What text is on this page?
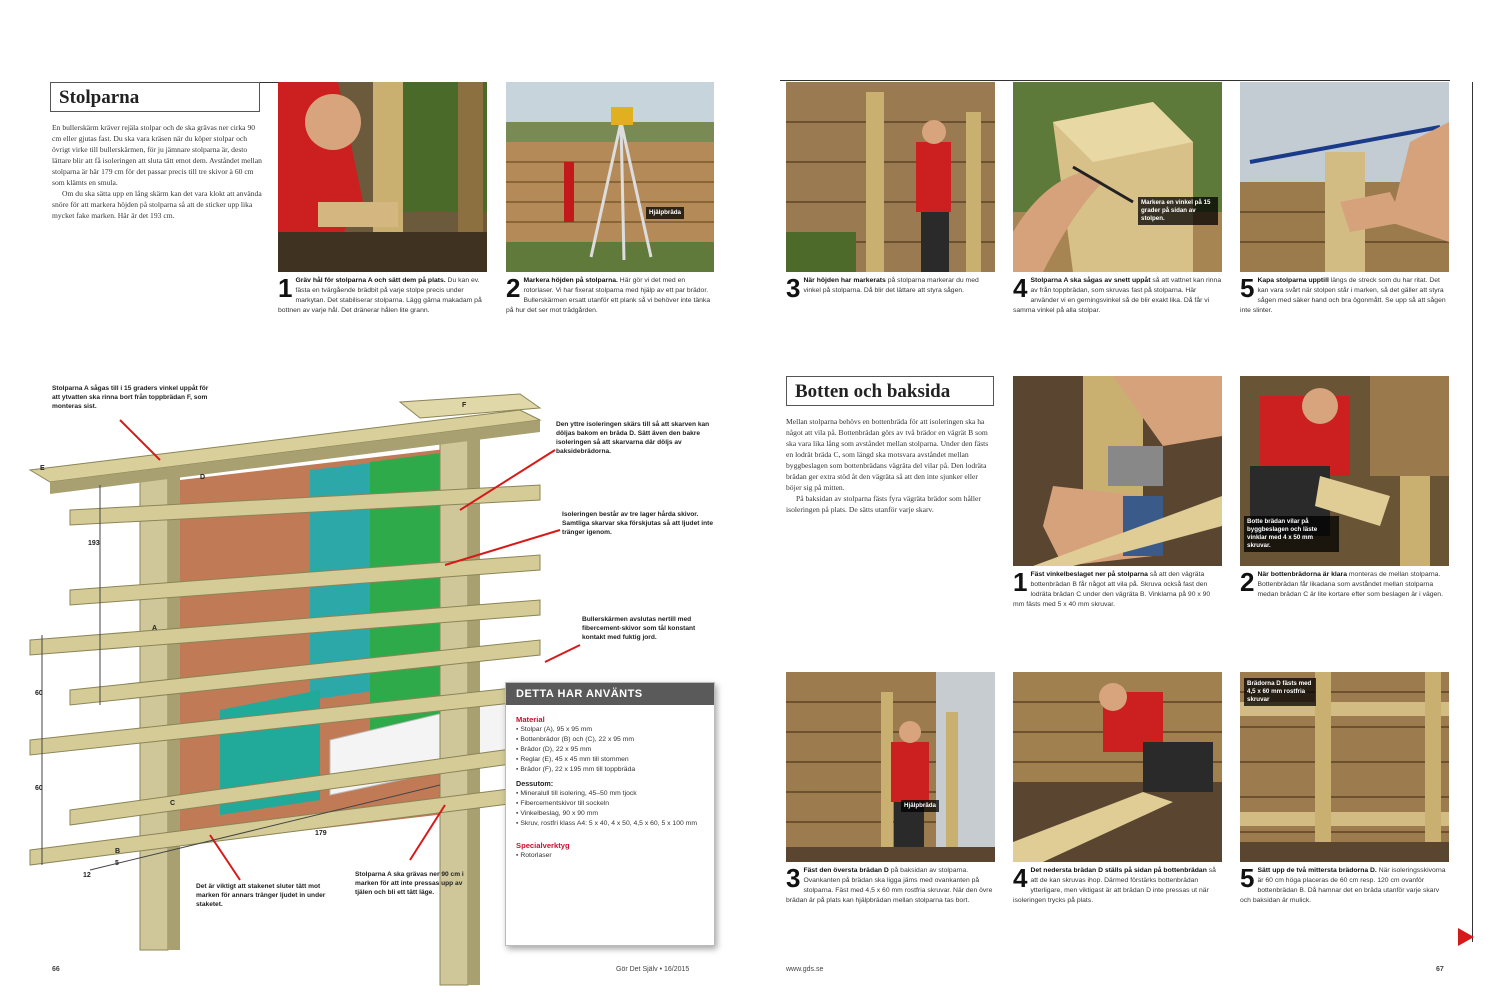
Stolparna
En bullerskärm kräver rejäla stolpar och de ska grävas ner cirka 90 cm eller gjutas fast. Du ska vara kräsen när du köper stolpar och övrigt virke till bullerskärmen, för ju jämnare stolparna är, desto lättare blir att få isoleringen att sluta tätt emot dem. Avståndet mellan stolparna är här 179 cm för det passar precis till tre skivor à 60 cm som klämts en smula.
Om du ska sätta upp en lång skärm kan det vara klokt att använda snöre för att markera höjden på stolparna så att de sticker upp lika mycket fake marken. Här är det 193 cm.
1 Gräv hål för stolparna A och sätt dem på plats. Du kan ev. fästa en tvärgående brädbit på varje stolpe precis under markytan. Det stabiliserar stolparna. Lägg gärna makadam på bottnen av varje hål. Det dränerar hålen lite grann.
Hjälpbräda
2 Markera höjden på stolparna. Här gör vi det med en rotorlaser. Vi har fixerat stolparna med hjälp av ett par brädor. Bullerskärmen ersatt utanför ett plank så vi behöver inte tänka på hur det ser mot trädgården.
193
60
60
179
12
5
A
B
C
D
E
F
Stolparna A sågas till i 15 graders vinkel uppåt för att ytvatten ska rinna bort från toppbrädan F, som monteras sist.
Den yttre isoleringen skärs till så att skarven kan döljas bakom en bräda D. Sätt även den bakre isoleringen så att skarvarna där döljs av baksidebrädorna.
Isoleringen består av tre lager hårda skivor. Samtliga skarvar ska förskjutas så att ljudet inte tränger igenom.
Bullerskärmen avslutas nertill med fibercement-skivor som tål konstant kontakt med fuktig jord.
Det är viktigt att stakenet sluter tätt mot marken för annars tränger ljudet in under staketet.
Stolparna A ska grävas ner 90 cm i marken för att inte pressas upp av tjälen och bli ett tätt läge.
DETTA HAR ANVÄNTS
Material
▪ Stolpar (A), 95 x 95 mm
▪ Bottenbrädor (B) och (C), 22 x 95 mm
▪ Brädor (D), 22 x 95 mm
▪ Reglar (E), 45 x 45 mm till stommen
▪ Brädor (F), 22 x 195 mm till toppbräda
Dessutom:
▪ Mineralull till isolering, 45–50 mm tjock
▪ Fibercementskivor till sockeln
▪ Vinkelbeslag, 90 x 90 mm
▪ Skruv, rostfri klass A4: 5 x 40, 4 x 50, 4,5 x 60, 5 x 100 mm
Specialverktyg
▪ Rotorlaser
66	Gör Det Själv • 16/2015
3 När höjden har markerats på stolparna markerar du med vinkel på stolparna. Då blir det lättare att styra sågen.
Markera en vinkel på 15 grader på sidan av stolpen.
4 Stolparna A ska sågas av snett uppåt så att vattnet kan rinna av från toppbrädan, som skruvas fast på stolparna. Här använder vi en gerningsvinkel så de blir exakt lika. Då får vi samma vinkel på alla stolpar.
5 Kapa stolparna upptill längs de streck som du har ritat. Det kan vara svårt när stolpen står i marken, så det gäller att styra sågen med säker hand och bra ögonmått. Se upp så att sågen inte slinter.
Botten och baksida
Mellan stolparna behövs en bottenbräda för att isoleringen ska ha något att vila på. Bottenbrädan görs av två brädor en vägrät B som ska vara lika lång som avståndet mellan stolparna. Under den fästs en lodrät bräda C, som längd ska motsvara avståndet mellan byggbeslagen som bottenbrädans vägräta del vilar på. Den lodräta brädan ger extra stöd åt den vägräta så att den inte sjunker eller böjer sig på mitten.
På baksidan av stolparna fästs fyra vägräta brädor som håller isoleringen på plats. De sätts utanför varje skarv.
1 Fäst vinkelbeslaget ner på stolparna så att den vägräta bottenbrädan B får något att vila på. Skruva också fast den lodräta brädan C under den vägräta B. Vinklarna på 90 x 90 mm fästs med 5 x 40 mm skruvar.
Botte brädan vilar på byggbeslagen och läste vinklar med 4 x 50 mm skruvar.
2 När bottenbrädorna är klara monteras de mellan stolparna. Bottenbrädan får likadana som avståndet mellan stolparna medan brädan C är lite kortare efter som beslagen är i vägen.
Hjälpbräda
3 Fäst den översta brädan D på baksidan av stolparna. Ovankanten på brädan ska ligga jäms med ovankanten på stolparna. Fäst med 4,5 x 60 mm rostfria skruvar. När den övre brädan är på plats kan hjälpbrädan mellan stolparna tas bort.
4 Det nedersta brädan D ställs på sidan på bottenbrädan så att de kan skruvas ihop. Därmed förstärks bottenbrädan ytterligare, men viktigast är att brädan D inte pressas ut när isoleringen trycks på plats.
Brädorna D fästs med 4,5 x 60 mm rostfria skruvar
5 Sätt upp de två mittersta brädorna D. När isoleringsskivorna är 60 cm höga placeras de 60 cm resp. 120 cm ovanför bottenbrädan B. Då hamnar det en bräda utanför varje skarv och baksidan är mulick.
www.gds.se	67
